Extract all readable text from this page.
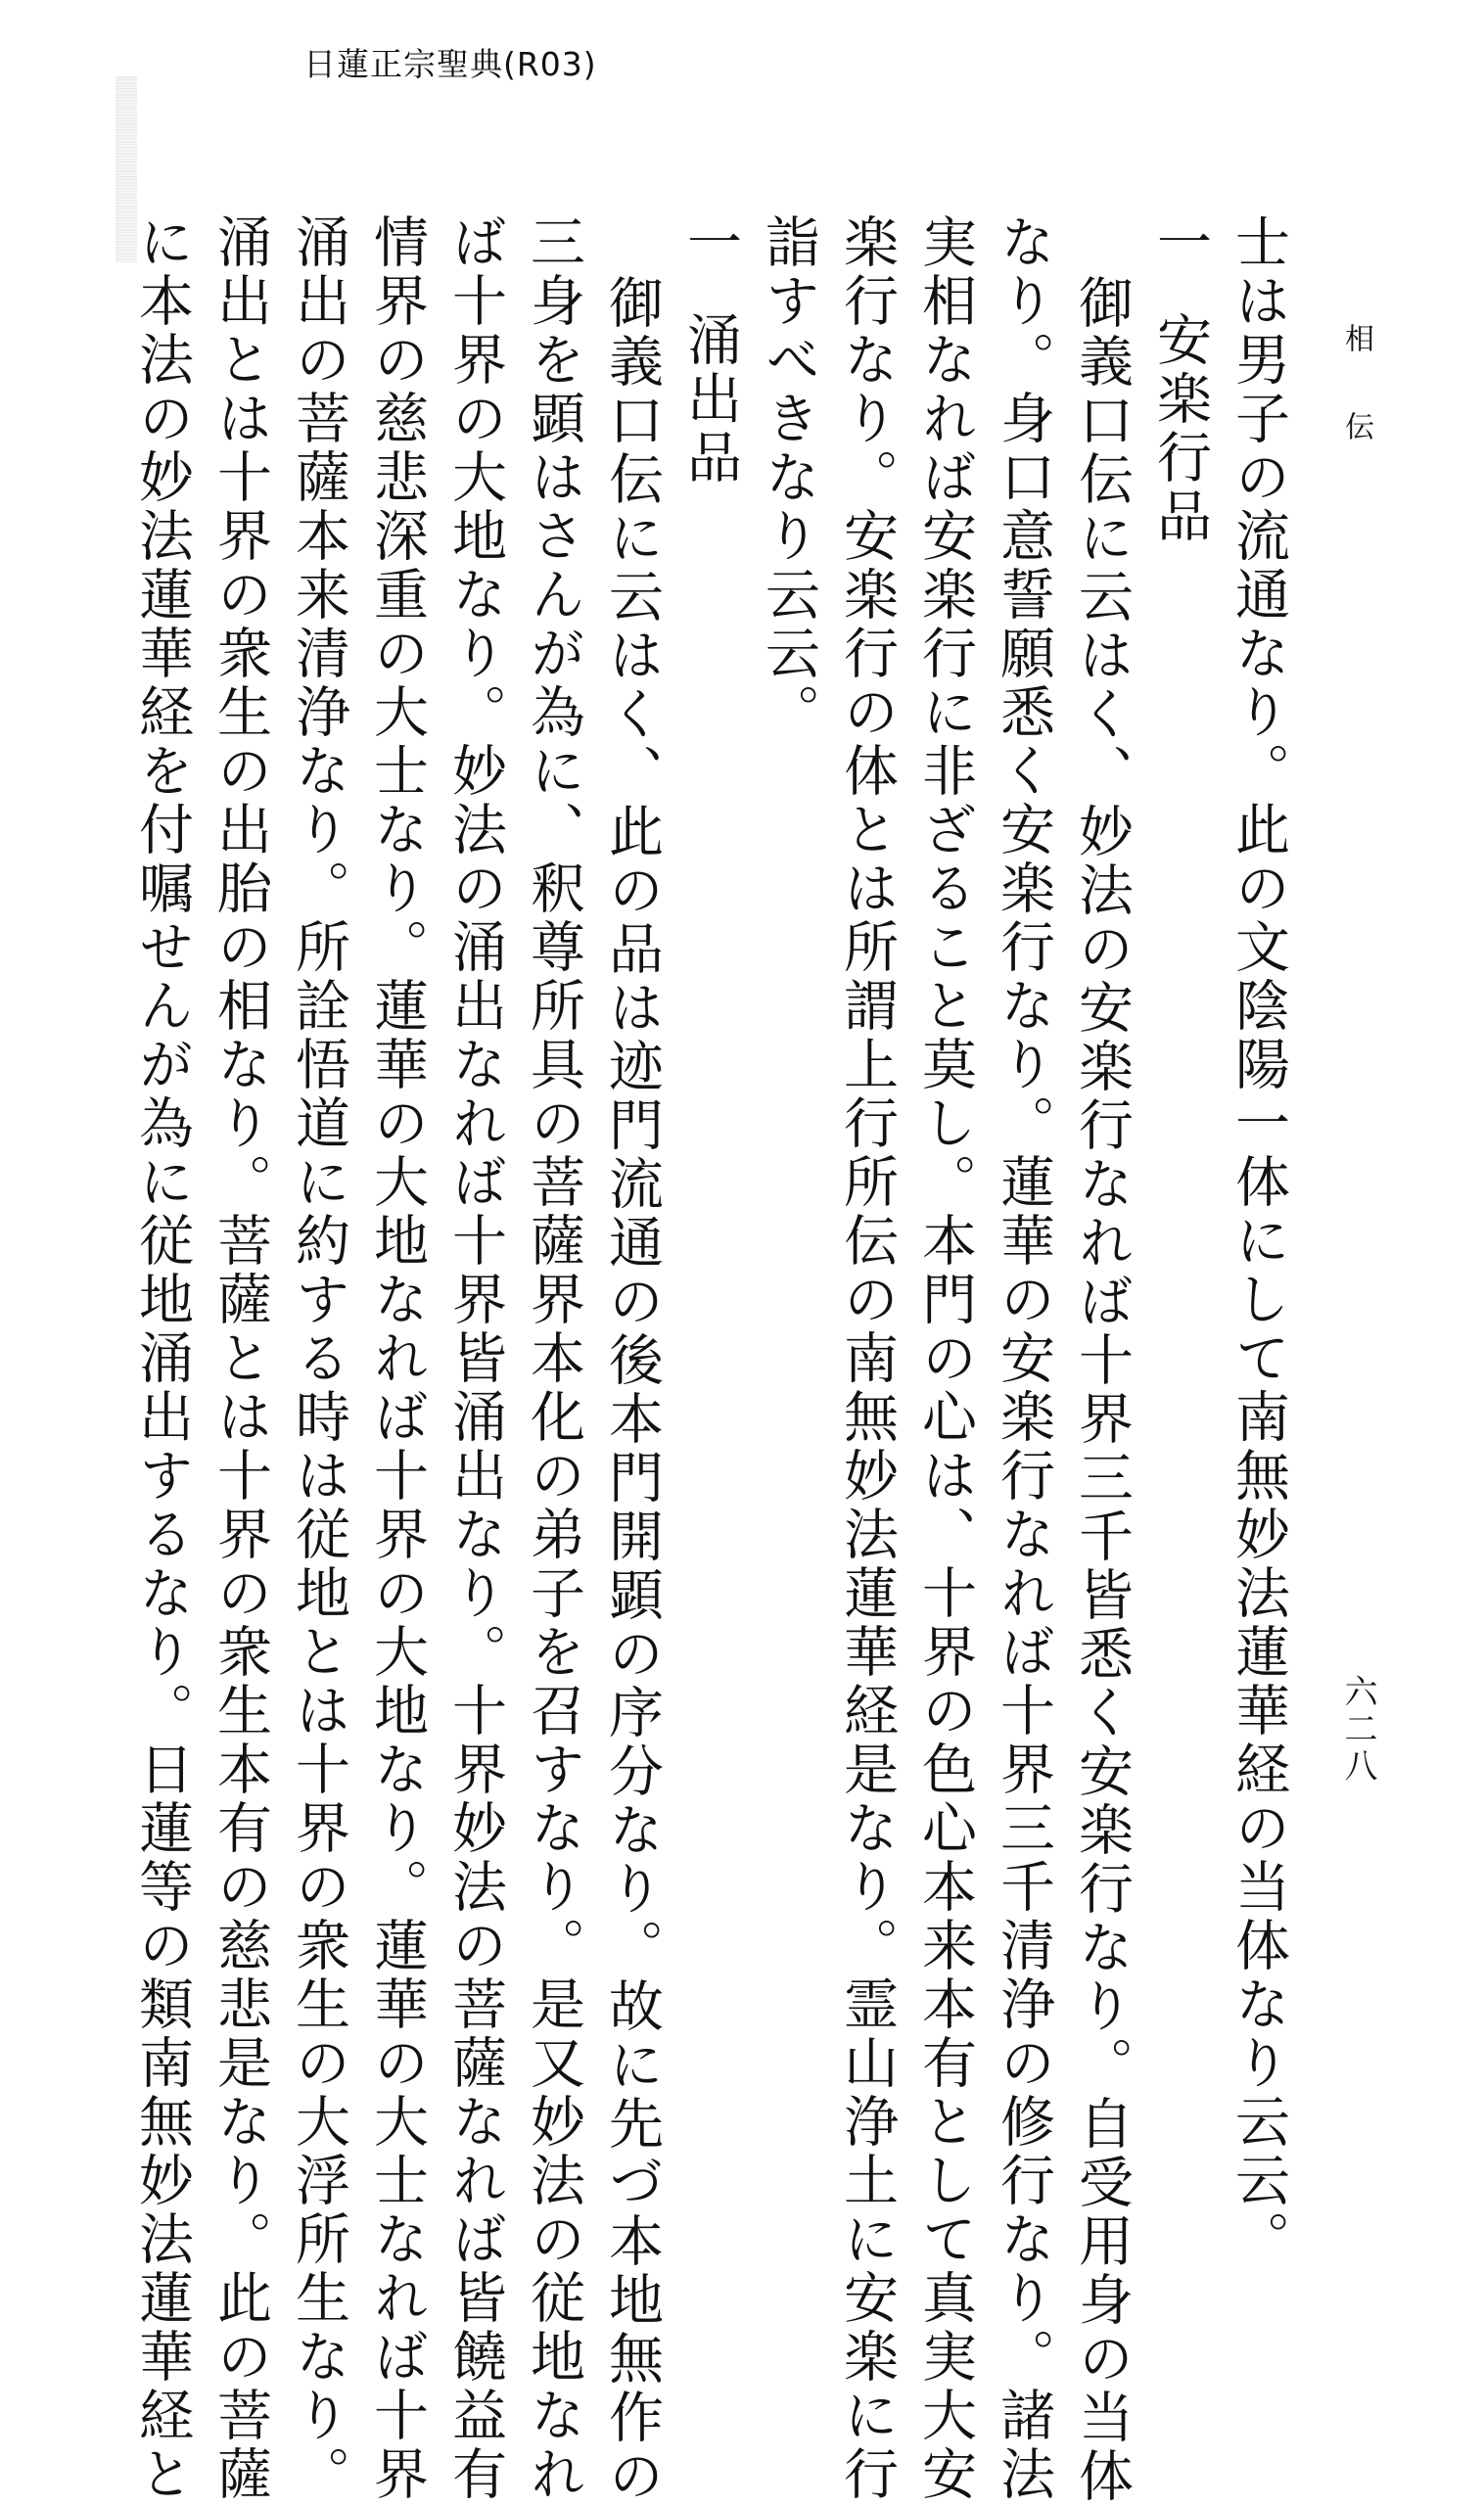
日蓮正宗聖典(R03)
相伝
六二八
士は男子の流通なり。此の文陰陽一体にして南無妙法蓮華経の当体なり云云。
一安楽行品
御義口伝に云はく、妙法の安楽行なれば十界三千皆悉く安楽行なり。自受用身の当体
なり。身口意誓願悉く安楽行なり。蓮華の安楽行なれば十界三千清浄の修行なり。諸法
実相なれば安楽行に非ざること莫し。本門の心は、十界の色心本来本有として真実大安
楽行なり。安楽行の体とは所謂上行所伝の南無妙法蓮華経是なり。霊山浄土に安楽に行
詣すべきなり云云。
一涌出品
御義口伝に云はく、此の品は迹門流通の後本門開顕の序分なり。故に先づ本地無作の
三身を顕はさんが為に、釈尊所具の菩薩界本化の弟子を召すなり。是又妙法の従地なれ
ば十界の大地なり。妙法の涌出なれば十界皆涌出なり。十界妙法の菩薩なれば皆饒益有
情界の慈悲深重の大士なり。蓮華の大地なれば十界の大地なり。蓮華の大士なれば十界
涌出の菩薩本来清浄なり。所詮悟道に約する時は従地とは十界の衆生の大浮所生なり。
涌出とは十界の衆生の出胎の相なり。菩薩とは十界の衆生本有の慈悲是なり。此の菩薩
に本法の妙法蓮華経を付嘱せんが為に従地涌出するなり。日蓮等の類南無妙法蓮華経と
